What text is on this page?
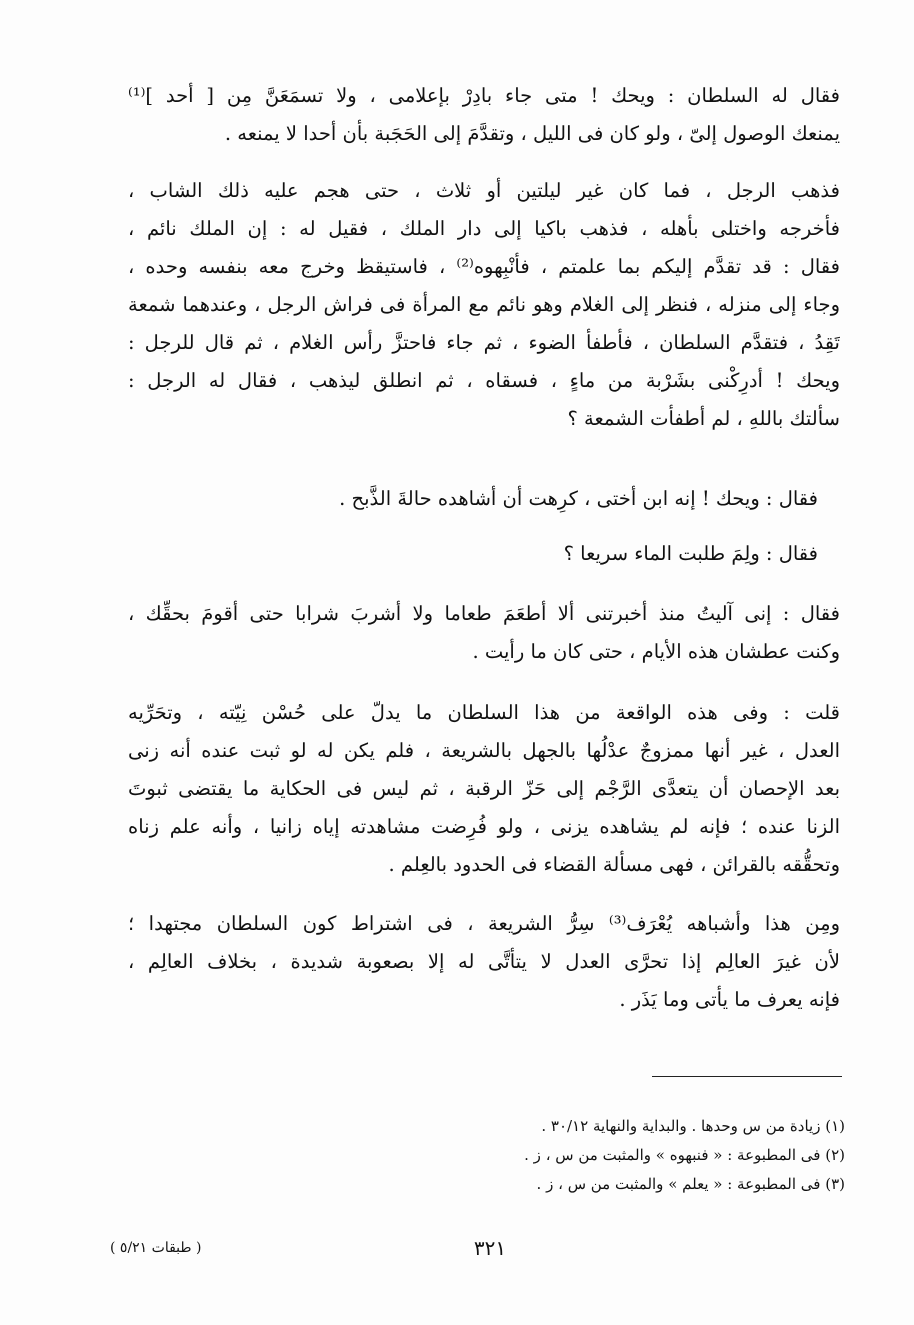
فقال له السلطان : ويحك ! متى جاء بادِرْ بإعلامى ، ولا تسمَعَنَّ مِن [ أحد ]⁽¹⁾
يمنعك الوصول إلىّ ، ولو كان فى الليل ، وتقدَّمَ إلى الحَجَبة بأن أحدا لا يمنعه .
فذهب الرجل ، فما كان غير ليلتين أو ثلاث ، حتى هجم عليه ذلك الشاب ،
فأخرجه واختلى بأهله ، فذهب باكيا إلى دار الملك ، فقيل له : إن الملك نائم ،
فقال : قد تقدَّم إليكم بما علمتم ، فأنْبِهوه⁽²⁾ ، فاستيقظ وخرج معه بنفسه وحده ،
وجاء إلى منزله ، فنظر إلى الغلام وهو نائم مع المرأة فى فراش الرجل ، وعندهما شمعة
تَقِدُ ، فتقدَّم السلطان ، فأطفأ الضوء ، ثم جاء فاحتزَّ رأس الغلام ، ثم قال للرجل :
ويحك ! أدرِكْنى بشَرْبة من ماءٍ ، فسقاه ، ثم انطلق ليذهب ، فقال له الرجل :
سألتك باللهِ ، لم أطفأت الشمعة ؟
فقال : ويحك ! إنه ابن أختى ، كرِهت أن أشاهده حالةَ الذَّبح .
فقال : ولِمَ طلبت الماء سريعا ؟
فقال : إنى آليتُ منذ أخبرتنى ألا أطعَمَ طعاما ولا أشربَ شرابا حتى أقومَ بحقِّك ،
وكنت عطشان هذه الأيام ، حتى كان ما رأيت .
قلت : وفى هذه الواقعة من هذا السلطان ما يدلّ على حُسْن نِيّته ، وتحَرِّيه
العدل ، غير أنها ممزوجٌ عدْلُها بالجهل بالشريعة ، فلم يكن له لو ثبت عنده أنه زنى
بعد الإحصان أن يتعدَّى الرَّجْم إلى حَزّ الرقبة ، ثم ليس فى الحكاية ما يقتضى ثبوتَ
الزنا عنده ؛ فإنه لم يشاهده يزنى ، ولو فُرِضت مشاهدته إياه زانيا ، وأنه علم زناه
وتحقُّقه بالقرائن ، فهى مسألة القضاء فى الحدود بالعِلم .
ومِن هذا وأشباهه يُعْرَف⁽³⁾ سِرُّ الشريعة ، فى اشتراط كون السلطان مجتهدا ؛
لأن غيرَ العالِم إذا تحرَّى العدل لا يتأتَّى له إلا بصعوبة شديدة ، بخلاف العالِم ،
فإنه يعرف ما يأتى وما يَذَر .
(١) زيادة من س وحدها . والبداية والنهاية ٣٠/١٢ .
(٢) فى المطبوعة : « فنبهوه » والمثبت من س ، ز .
(٣) فى المطبوعة : « يعلم » والمثبت من س ، ز .
٣٢١
( طبقات ٥/٢١ )
